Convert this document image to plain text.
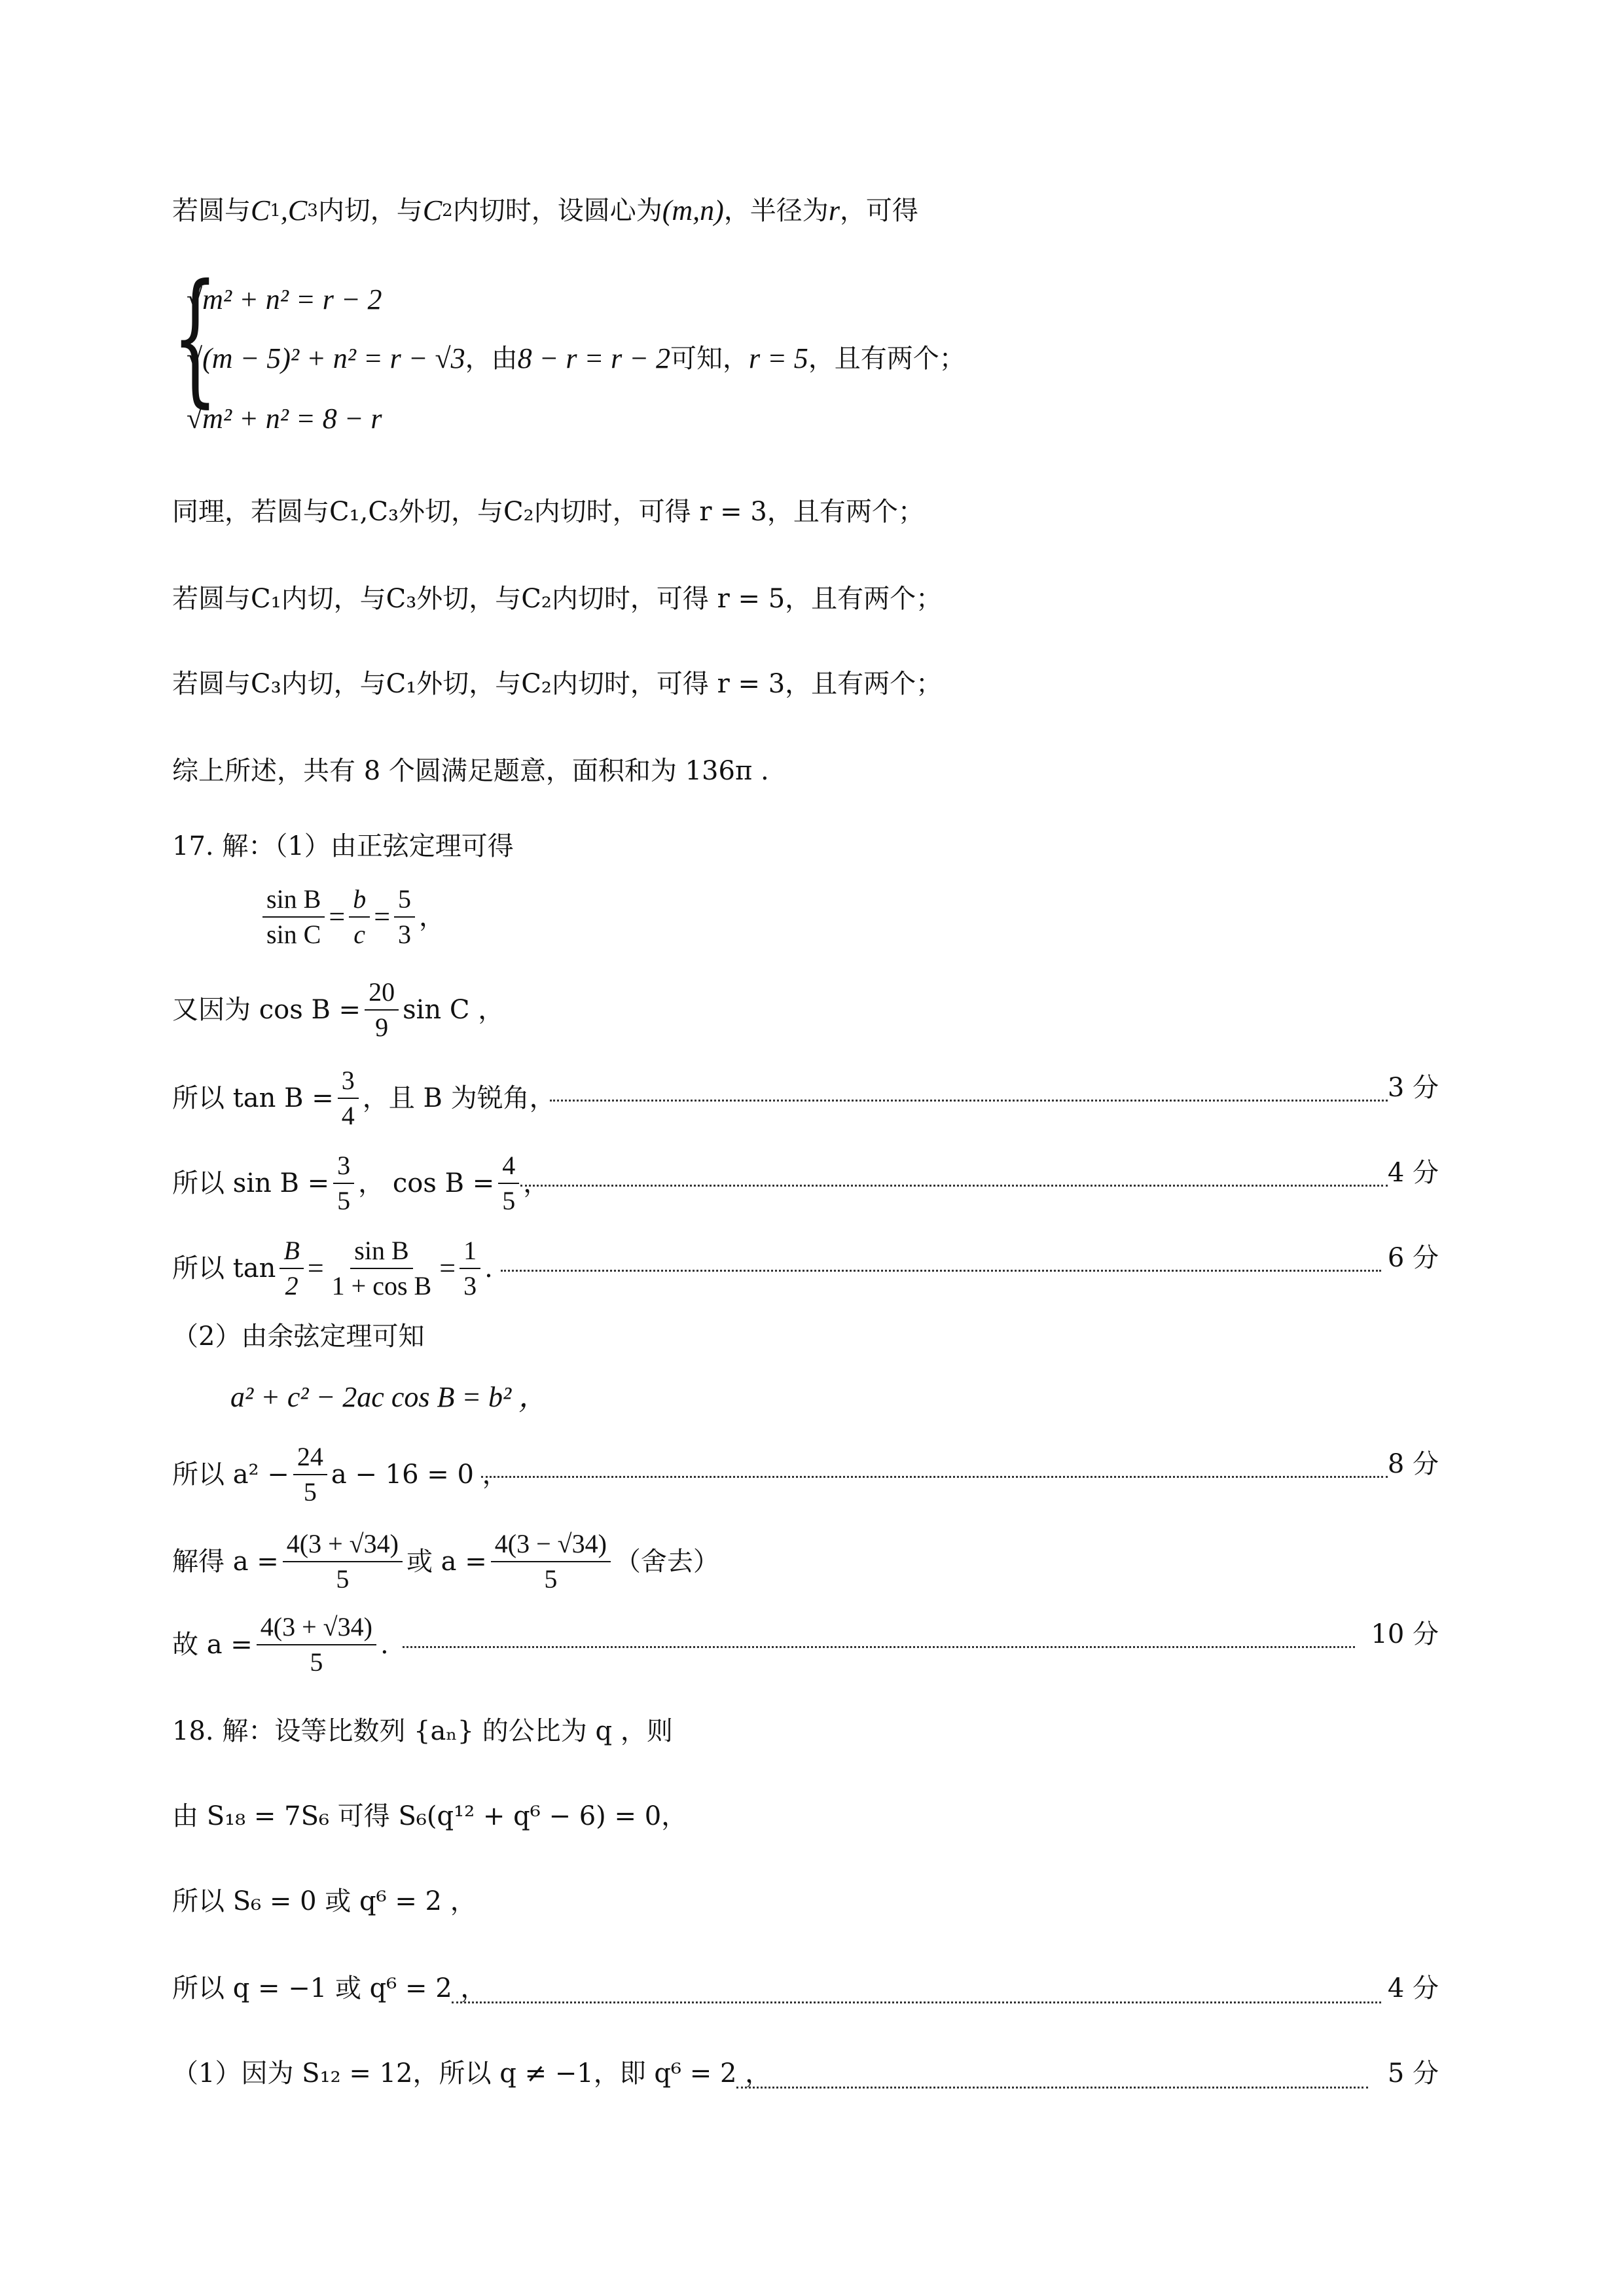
若圆与 C 1 ,C 3 内切，与 C 2 内切时，设圆心为 (m,n) ，半径为 r ，可得
{
√m² + n² = r − 2
√(m − 5)² + n² = r − √3 ，由 8 − r = r − 2 可知， r = 5 ，且有两个；
√m² + n² = 8 − r
同理，若圆与C₁,C₃外切，与C₂内切时，可得 r = 3，且有两个；
若圆与C₁内切，与C₃外切，与C₂内切时，可得 r = 5，且有两个；
若圆与C₃内切，与C₁外切，与C₂内切时，可得 r = 3，且有两个；
综上所述，共有 8 个圆满足题意，面积和为 136π .
17. 解：（1）由正弦定理可得
$\frac{\text{sin B}}{\text{sin C}} = \frac{b}{c} = \frac{5}{3}$ ，
又因为 $\cos B = \frac{20}{9}$ sin C ，
所以 $\tan B = \frac{3}{4}$ ，且 B 为锐角，	3 分
所以 $\sin B = \frac{3}{5}$ ， $\cos B = \frac{4}{5}$ ，	4 分
所以 $\tan \frac{B}{2} = \frac{\text{sin B}}{\text{1 + cos B}} = \frac{1}{3}$ .	6 分
（2）由余弦定理可知
a² + c² − 2ac cos B = b² ，
所以 $a^2 - \frac{24}{5}$ a − 16 = 0 ，	8 分
解得 $a = \frac{4(3 + √34)}{5}$ 或 $a = \frac{4(3 - √34)}{5}$ （舍去）
故 $a = \frac{4(3 + √34)}{5}$ .	10 分
18. 解：设等比数列 {aₙ} 的公比为 q ，则
由 S₁₈ = 7S₆ 可得 S₆(q¹² + q⁶ − 6) = 0，
所以 S₆ = 0 或 q⁶ = 2 ，
所以 q = −1 或 q⁶ = 2 ，	4 分
（1）因为 S₁₂ = 12，所以 q ≠ −1，即 q⁶ = 2 ，	5 分
